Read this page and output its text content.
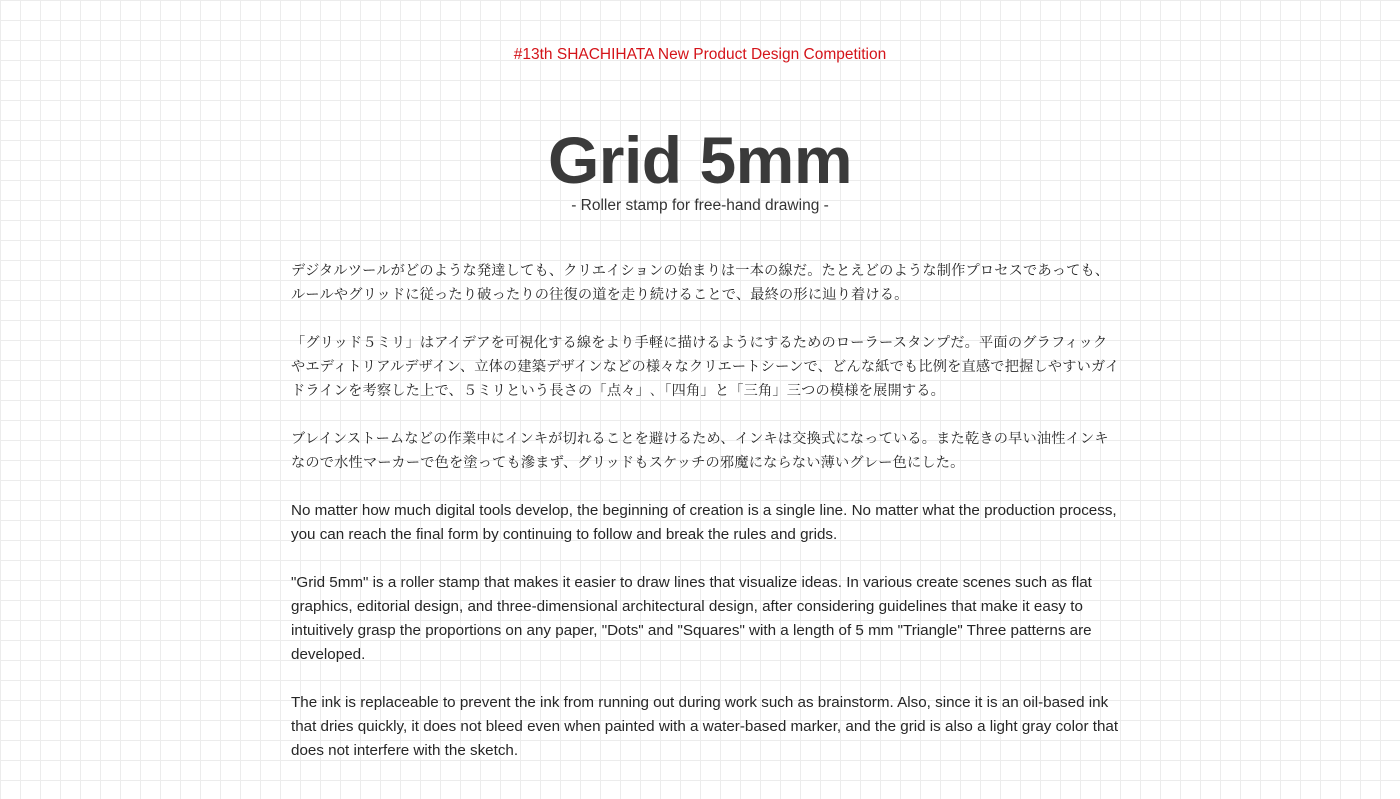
#13th SHACHIHATA New Product Design Competition
Grid 5mm
- Roller stamp for free-hand drawing -

デジタルツールがどのような発達しても、クリエイションの始まりは一本の線だ。たとえどのような制作プロセスであっても、ルールやグリッドに従ったり破ったりの往復の道を走り続けることで、最終の形に辿り着ける。

「グリッド５ミリ」はアイデアを可視化する線をより手軽に描けるようにするためのローラースタンプだ。平面のグラフィックやエディトリアルデザイン、立体の建築デザインなどの様々なクリエートシーンで、どんな紙でも比例を直感で把握しやすいガイドラインを考察した上で、５ミリという長さの「点々」､「四角」と「三角」三つの模様を展開する。

ブレインストームなどの作業中にインキが切れることを避けるため、インキは交換式になっている。また乾きの早い油性インキなので水性マーカーで色を塗っても滲まず、グリッドもスケッチの邪魔にならない薄いグレー色にした。

No matter how much digital tools develop, the beginning of creation is a single line. No matter what the production process, you can reach the final form by continuing to follow and break the rules and grids.

"Grid 5mm" is a roller stamp that makes it easier to draw lines that visualize ideas. In various create scenes such as flat graphics, editorial design, and three-dimensional architectural design, after considering guidelines that make it easy to intuitively grasp the proportions on any paper, "Dots" and "Squares" with a length of 5 mm "Triangle" Three patterns are developed.

The ink is replaceable to prevent the ink from running out during work such as brainstorm. Also, since it is an oil-based ink that dries quickly, it does not bleed even when painted with a water-based marker, and the grid is also a light gray color that does not interfere with the sketch.
